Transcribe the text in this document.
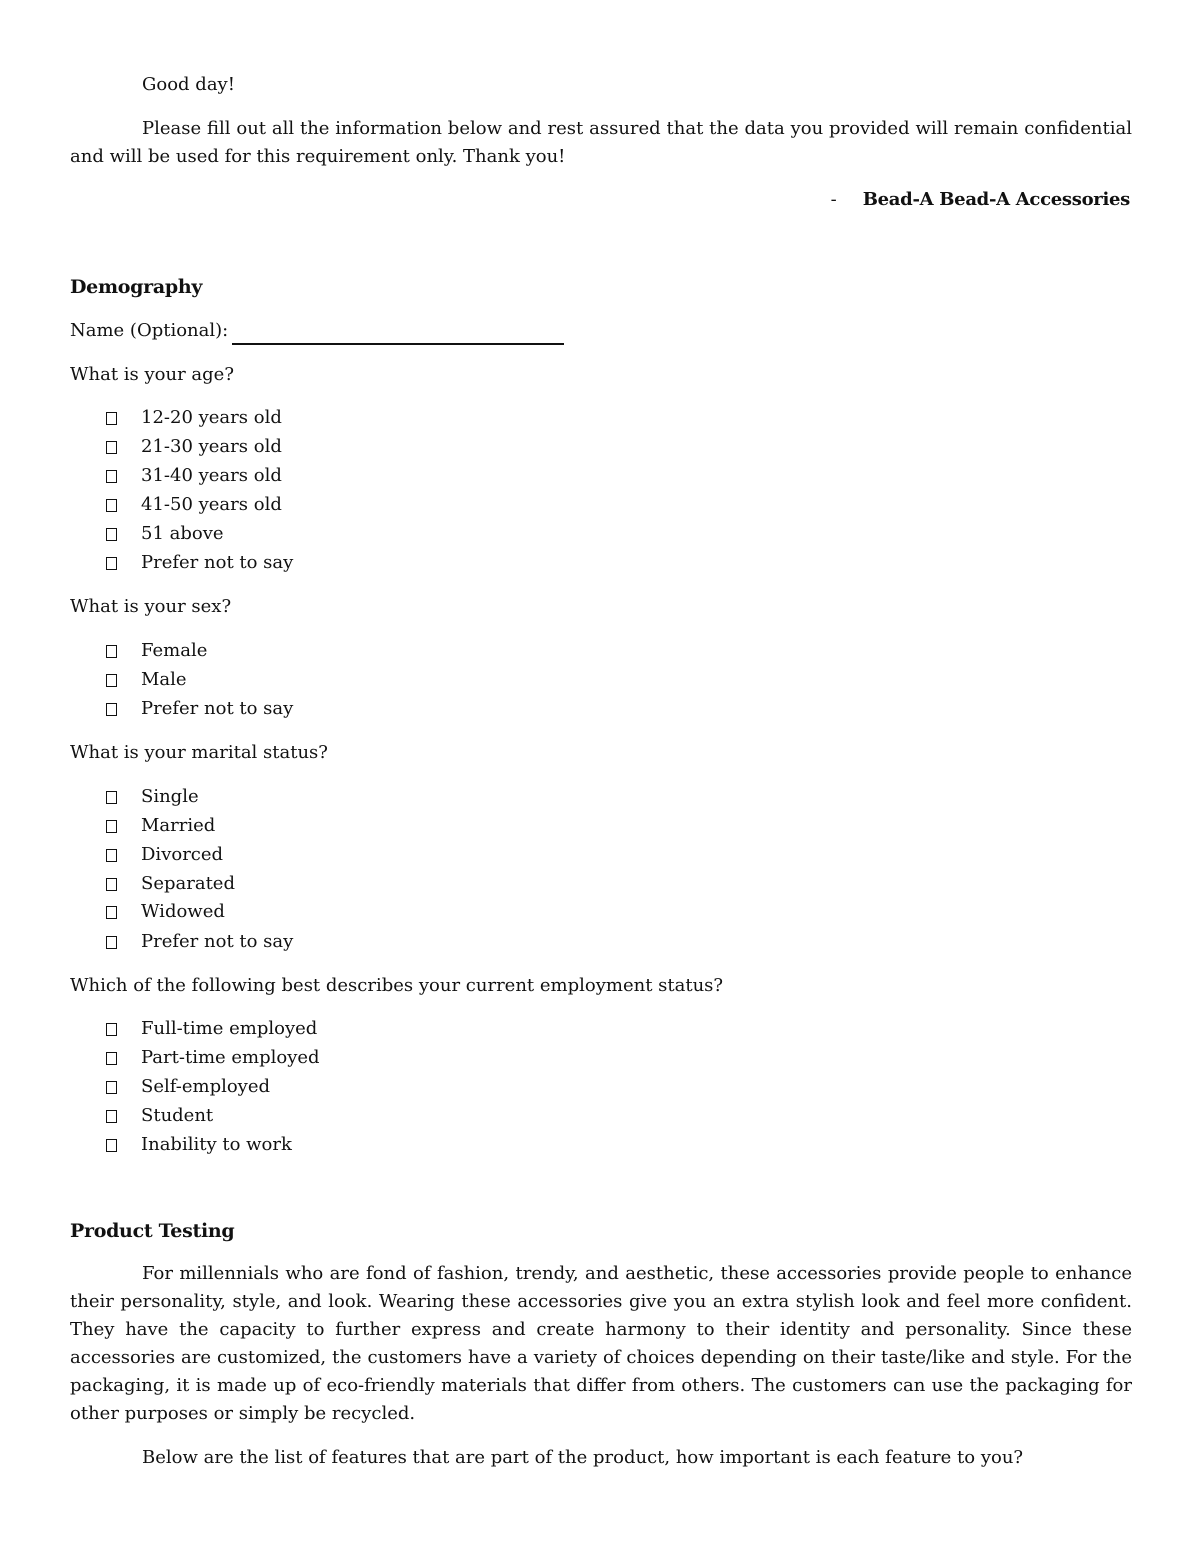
Good day!
Please fill out all the information below and rest assured that the data you provided will remain confidential and will be used for this requirement only. Thank you!
- Bead-A Bead-A Accessories
Demography
Name (Optional):
What is your age?
12-20 years old
21-30 years old
31-40 years old
41-50 years old
51 above
Prefer not to say
What is your sex?
Female
Male
Prefer not to say
What is your marital status?
Single
Married
Divorced
Separated
Widowed
Prefer not to say
Which of the following best describes your current employment status?
Full-time employed
Part-time employed
Self-employed
Student
Inability to work
Product Testing
For millennials who are fond of fashion, trendy, and aesthetic, these accessories provide people to enhance their personality, style, and look. Wearing these accessories give you an extra stylish look and feel more confident. They have the capacity to further express and create harmony to their identity and personality. Since these accessories are customized, the customers have a variety of choices depending on their taste/like and style. For the packaging, it is made up of eco-friendly materials that differ from others. The customers can use the packaging for other purposes or simply be recycled.
Below are the list of features that are part of the product, how important is each feature to you?
